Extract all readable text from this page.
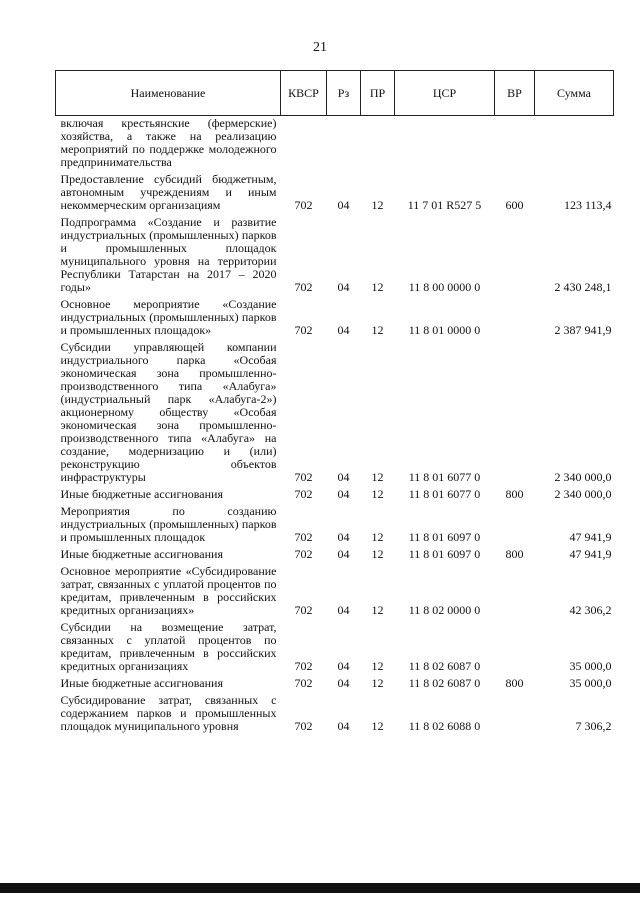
21
Наименование	КВСР	Рз	ПР	ЦСР	ВР	Сумма
включая крестьянские (фермерские) хозяйства, а также на реализацию мероприятий по поддержке молодежного предпринимательства						
Предоставление субсидий бюджетным, автономным учреждениям и иным некоммерческим организациям	702	04	12	11 7 01 R527 5	600	123 113,4
Подпрограмма «Создание и развитие индустриальных (промышленных) парков и промышленных площадок муниципального уровня на территории Республики Татарстан на 2017 – 2020 годы»	702	04	12	11 8 00 0000 0		2 430 248,1
Основное мероприятие «Создание индустриальных (промышленных) парков и промышленных площадок»	702	04	12	11 8 01 0000 0		2 387 941,9
Субсидии управляющей компании индустриального парка «Особая экономическая зона промышленно-производственного типа «Алабуга» (индустриальный парк «Алабуга-2») акционерному обществу «Особая экономическая зона промышленно-производственного типа «Алабуга» на создание, модернизацию и (или) реконструкцию объектов инфраструктуры	702	04	12	11 8 01 6077 0		2 340 000,0
Иные бюджетные ассигнования	702	04	12	11 8 01 6077 0	800	2 340 000,0
Мероприятия по созданию индустриальных (промышленных) парков и промышленных площадок	702	04	12	11 8 01 6097 0		47 941,9
Иные бюджетные ассигнования	702	04	12	11 8 01 6097 0	800	47 941,9
Основное мероприятие «Субсидирование затрат, связанных с уплатой процентов по кредитам, привлеченным в российских кредитных организациях»	702	04	12	11 8 02 0000 0		42 306,2
Субсидии на возмещение затрат, связанных с уплатой процентов по кредитам, привлеченным в российских кредитных организациях	702	04	12	11 8 02 6087 0		35 000,0
Иные бюджетные ассигнования	702	04	12	11 8 02 6087 0	800	35 000,0
Субсидирование затрат, связанных с содержанием парков и промышленных площадок муниципального уровня	702	04	12	11 8 02 6088 0		7 306,2
